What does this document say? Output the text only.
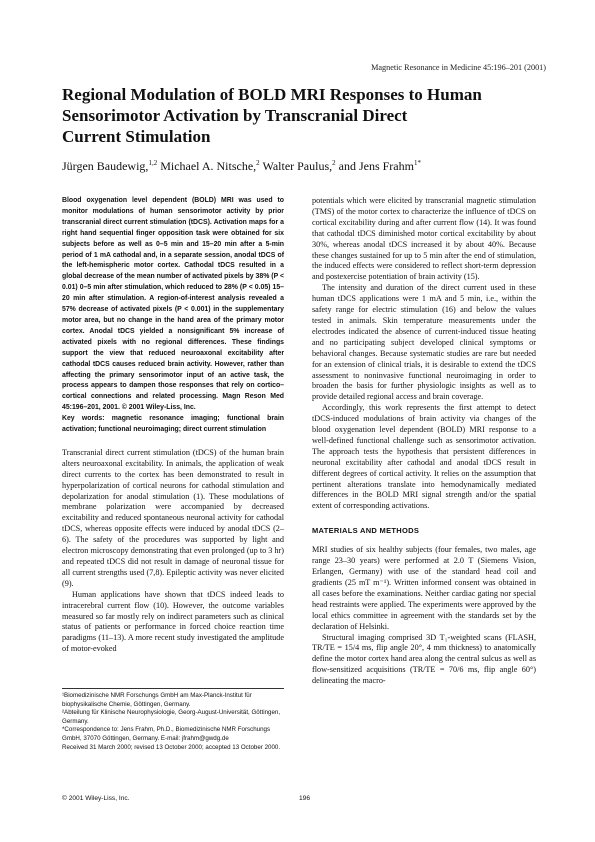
Magnetic Resonance in Medicine 45:196–201 (2001)
Regional Modulation of BOLD MRI Responses to Human
Sensorimotor Activation by Transcranial Direct
Current Stimulation
Jürgen Baudewig,$^{1,2}$ Michael A. Nitsche,$^2$ Walter Paulus,$^2$ and Jens Frahm$^{1*}$
Blood oxygenation level dependent (BOLD) MRI was used to monitor modulations of human sensorimotor activity by prior transcranial direct current stimulation (tDCS). Activation maps for a right hand sequential finger opposition task were obtained for six subjects before as well as 0–5 min and 15–20 min after a 5-min period of 1 mA cathodal and, in a separate session, anodal tDCS of the left-hemispheric motor cortex. Cathodal tDCS resulted in a global decrease of the mean number of activated pixels by 38% (P < 0.01) 0–5 min after stimulation, which reduced to 28% (P < 0.05) 15–20 min after stimulation. A region-of-interest analysis revealed a 57% decrease of activated pixels (P < 0.001) in the supplementary motor area, but no change in the hand area of the primary motor cortex. Anodal tDCS yielded a nonsignificant 5% increase of activated pixels with no regional differences. These findings support the view that reduced neuroaxonal excitability after cathodal tDCS causes reduced brain activity. However, rather than affecting the primary sensorimotor input of an active task, the process appears to dampen those responses that rely on cortico–cortical connections and related processing. Magn Reson Med 45:196–201, 2001. © 2001 Wiley-Liss, Inc.
Key words: magnetic resonance imaging; functional brain activation; functional neuroimaging; direct current stimulation

Transcranial direct current stimulation (tDCS) of the human brain alters neuroaxonal excitability. In animals, the application of weak direct currents to the cortex has been demonstrated to result in hyperpolarization of cortical neurons for cathodal stimulation and depolarization for anodal stimulation (1). These modulations of membrane polarization were accompanied by decreased excitability and reduced spontaneous neuronal activity for cathodal tDCS, whereas opposite effects were induced by anodal tDCS (2–6). The safety of the procedures was supported by light and electron microscopy demonstrating that even prolonged (up to 3 hr) and repeated tDCS did not result in damage of neuronal tissue for all current strengths used (7,8). Epileptic activity was never elicited (9).

Human applications have shown that tDCS indeed leads to intracerebral current flow (10). However, the outcome variables measured so far mostly rely on indirect parameters such as clinical status of patients or performance in forced choice reaction time paradigms (11–13). A more recent study investigated the amplitude of motor-evoked

potentials which were elicited by transcranial magnetic stimulation (TMS) of the motor cortex to characterize the influence of tDCS on cortical excitability during and after current flow (14). It was found that cathodal tDCS diminished motor cortical excitability by about 30%, whereas anodal tDCS increased it by about 40%. Because these changes sustained for up to 5 min after the end of stimulation, the induced effects were considered to reflect short-term depression and postexercise potentiation of brain activity (15).

The intensity and duration of the direct current used in these human tDCS applications were 1 mA and 5 min, i.e., within the safety range for electric stimulation (16) and below the values tested in animals. Skin temperature measurements under the electrodes indicated the absence of current-induced tissue heating and no participating subject developed clinical symptoms or behavioral changes. Because systematic studies are rare but needed for an extension of clinical trials, it is desirable to extend the tDCS assessment to noninvasive functional neuroimaging in order to broaden the basis for further physiologic insights as well as to provide detailed regional access and brain coverage.

Accordingly, this work represents the first attempt to detect tDCS-induced modulations of brain activity via changes of the blood oxygenation level dependent (BOLD) MRI response to a well-defined functional challenge such as sensorimotor activation. The approach tests the hypothesis that persistent differences in neuronal excitability after cathodal and anodal tDCS result in different degrees of cortical activity. It relies on the assumption that pertinent alterations translate into hemodynamically mediated differences in the BOLD MRI signal strength and/or the spatial extent of corresponding activations.

MATERIALS AND METHODS

MRI studies of six healthy subjects (four females, two males, age range 23–30 years) were performed at 2.0 T (Siemens Vision, Erlangen, Germany) with use of the standard head coil and gradients (25 mT m⁻¹). Written informed consent was obtained in all cases before the examinations. Neither cardiac gating nor special head restraints were applied. The experiments were approved by the local ethics committee in agreement with the standards set by the declaration of Helsinki.

Structural imaging comprised 3D T₁-weighted scans (FLASH, TR/TE = 15/4 ms, flip angle 20°, 4 mm thickness) to anatomically define the motor cortex hand area along the central sulcus as well as flow-sensitized acquisitions (TR/TE = 70/6 ms, flip angle 60°) delineating the macro-

¹Biomedizinische NMR Forschungs GmbH am Max-Planck-Institut für biophysikalische Chemie, Göttingen, Germany.
²Abteilung für Klinische Neurophysiologie, Georg-August-Universität, Göttingen, Germany.
*Correspondence to: Jens Frahm, Ph.D., Biomedizinische NMR Forschungs GmbH, 37070 Göttingen, Germany. E-mail: jfrahm@gwdg.de
Received 31 March 2000; revised 13 October 2000; accepted 13 October 2000.
© 2001 Wiley-Liss, Inc.	196
